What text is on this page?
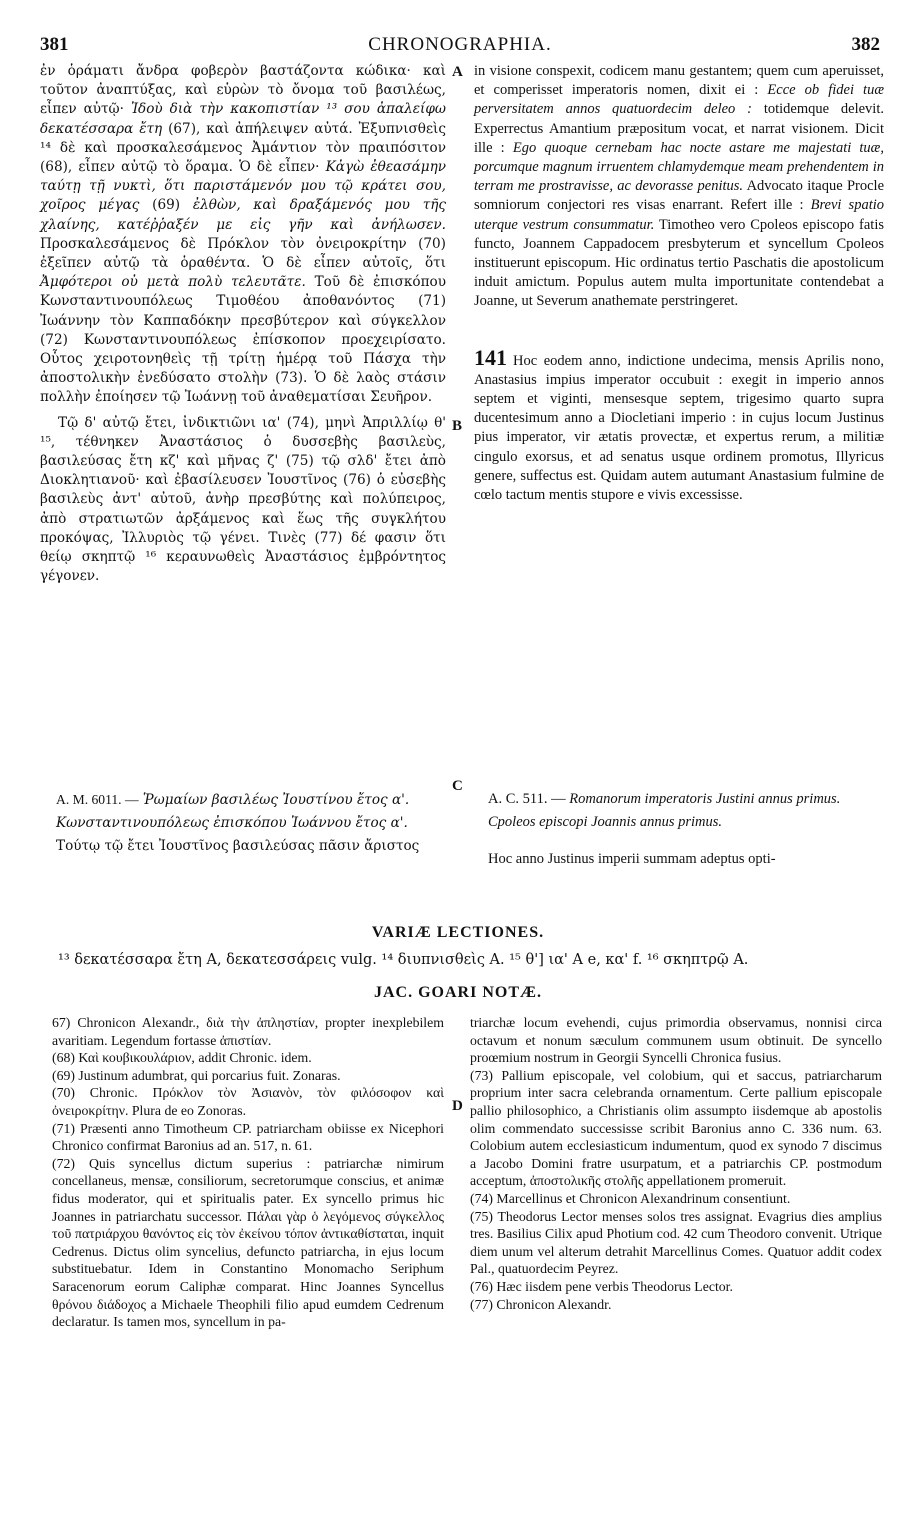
381	CHRONOGRAPHIA.	382

ἐν ὁράματι ἄνδρα φοβερὸν βαστάζοντα κώδικα· καὶ τοῦτον ἀναπτύξας, καὶ εὑρὼν τὸ ὄνομα τοῦ βασιλέως, εἶπεν αὐτῷ· Ἰδοὺ διὰ τὴν κακοπιστίαν ¹³ σου ἀπαλείφω δεκατέσσαρα ἔτη (67), καὶ ἀπήλειψεν αὐτά. Ἐξυπνισθεὶς ¹⁴ δὲ καὶ προσκαλεσάμενος Ἀμάντιον τὸν πραιπόσιτον (68), εἶπεν αὐτῷ τὸ ὅραμα. Ὁ δὲ εἶπεν· Κἀγὼ ἐθεασάμην ταύτῃ τῇ νυκτὶ, ὅτι παριστάμενόν μου τῷ κράτει σου, χοῖρος μέγας (69) ἐλθὼν, καὶ δραξάμενός μου τῆς χλαίνης, κατέῤῥαξέν με εἰς γῆν καὶ ἀνήλωσεν. Προσκαλεσάμενος δὲ Πρόκλον τὸν ὀνειροκρίτην (70) ἐξεῖπεν αὐτῷ τὰ ὁραθέντα. Ὁ δὲ εἶπεν αὐτοῖς, ὅτι Ἀμφότεροι οὐ μετὰ πολὺ τελευτᾶτε. Τοῦ δὲ ἐπισκόπου Κωνσταντινουπόλεως Τιμοθέου ἀποθανόντος (71) Ἰωάννην τὸν Καππαδόκην πρεσβύτερον καὶ σύγκελλον (72) Κωνσταντινουπόλεως ἐπίσκοπον προεχειρίσατο. Οὗτος χειροτονηθεὶς τῇ τρίτῃ ἡμέρᾳ τοῦ Πάσχα τὴν ἀποστολικὴν ἐνεδύσατο στολὴν (73). Ὁ δὲ λαὸς στάσιν πολλὴν ἐποίησεν τῷ Ἰωάννῃ τοῦ ἀναθεματίσαι Σευῆρον.

Τῷ δ' αὐτῷ ἔτει, ἰνδικτιῶνι ια' (74), μηνὶ Ἀπριλλίῳ θ' ¹⁵, τέθνηκεν Ἀναστάσιος ὁ δυσσεβὴς βασιλεὺς, βασιλεύσας ἔτη κζ' καὶ μῆνας ζ' (75) τῷ σλδ' ἔτει ἀπὸ Διοκλητιανοῦ· καὶ ἐβασίλευσεν Ἰουστῖνος (76) ὁ εὐσεβὴς βασιλεὺς ἀντ' αὐτοῦ, ἀνὴρ πρεσβύτης καὶ πολύπειρος, ἀπὸ στρατιωτῶν ἀρξάμενος καὶ ἕως τῆς συγκλήτου προκόψας, Ἰλλυριὸς τῷ γένει. Τινὲς (77) δέ φασιν ὅτι θείῳ σκηπτῷ ¹⁶ κεραυνωθεὶς Ἀναστάσιος ἐμβρόντητος γέγονεν.

A
B
C
D

in visione conspexit, codicem manu gestantem; quem cum aperuisset, et comperisset imperatoris nomen, dixit ei : Ecce ob fidei tuæ perversitatem annos quatuordecim deleo : totidemque delevit. Experrectus Amantium præpositum vocat, et narrat visionem. Dicit ille : Ego quoque cernebam hac nocte astare me majestati tuæ, porcumque magnum irruentem chlamydemque meam prehendentem in terram me prostravisse, ac devorasse penitus. Advocato itaque Procle somniorum conjectori res visas enarrant. Refert ille : Brevi spatio uterque vestrum consummatur. Timotheo vero Cpoleos episcopo fatis functo, Joannem Cappadocem presbyterum et syncellum Cpoleos instituerunt episcopum. Hic ordinatus tertio Paschatis die apostolicum induit amictum. Populus autem multa importunitate contendebat a Joanne, ut Severum anathemate perstringeret.

141 Hoc eodem anno, indictione undecima, mensis Aprilis nono, Anastasius impius imperator occubuit : exegit in imperio annos septem et viginti, mensesque septem, trigesimo quarto supra ducentesimum anno a Diocletiani imperio : in cujus locum Justinus pius imperator, vir ætatis provectæ, et expertus rerum, a militiæ cingulo exorsus, et ad senatus usque ordinem promotus, Illyricus genere, suffectus est. Quidam autem autumant Anastasium fulmine de cœlo tactum mentis stupore e vivis excessisse.

A. M. 6011. — Ῥωμαίων βασιλέως Ἰουστίνου ἔτος α'.

Κωνσταντινουπόλεως ἐπισκόπου Ἰωάννου ἔτος α'.

Τούτῳ τῷ ἔτει Ἰουστῖνος βασιλεύσας πᾶσιν ἄριστος

A. C. 511. — Romanorum imperatoris Justini annus primus.

Cpoleos episcopi Joannis annus primus.

Hoc anno Justinus imperii summam adeptus opti-

VARIÆ LECTIONES.
¹³ δεκατέσσαρα ἔτη A, δεκατεσσάρεις vulg. ¹⁴ διυπνισθεὶς A. ¹⁵ θ'] ια' A e, κα' f. ¹⁶ σκηπτρῷ A.
JAC. GOARI NOTÆ.

67) Chronicon Alexandr., διὰ τὴν ἀπληστίαν, propter inexplebilem avaritiam. Legendum fortasse ἀπιστίαν.

(68) Καὶ κουβικουλάριον, addit Chronic. idem.

(69) Justinum adumbrat, qui porcarius fuit. Zonaras.

(70) Chronic. Πρόκλον τὸν Ἀσιανὸν, τὸν φιλόσοφον καὶ ὀνειροκρίτην. Plura de eo Zonoras.

(71) Præsenti anno Timotheum CP. patriarcham obiisse ex Nicephori Chronico confirmat Baronius ad an. 517, n. 61.

(72) Quis syncellus dictum superius : patriarchæ nimirum concellaneus, mensæ, consiliorum, secretorumque conscius, et animæ fidus moderator, qui et spiritualis pater. Ex syncello primus hic Joannes in patriarchatu successor. Πάλαι γὰρ ὁ λεγόμενος σύγκελλος τοῦ πατριάρχου θανόντος εἰς τὸν ἐκείνου τόπον ἀντικαθίσταται, inquit Cedrenus. Dictus olim syncelius, defuncto patriarcha, in ejus locum substituebatur. Idem in Constantino Monomacho Seriphum Saracenorum eorum Caliphæ comparat. Hinc Joannes Syncellus θρόνου διάδοχος a Michaele Theophili filio apud eumdem Cedrenum declaratur. Is tamen mos, syncellum in pa-

triarchæ locum evehendi, cujus primordia observamus, nonnisi circa octavum et nonum sæculum communem usum obtinuit. De syncello proœmium nostrum in Georgii Syncelli Chronica fusius.

(73) Pallium episcopale, vel colobium, qui et saccus, patriarcharum proprium inter sacra celebranda ornamentum. Certe pallium episcopale pallio philosophico, a Christianis olim assumpto iisdemque ab apostolis olim commendato successisse scribit Baronius anno C. 336 num. 63. Colobium autem ecclesiasticum indumentum, quod ex synodo 7 discimus a Jacobo Domini fratre usurpatum, et a patriarchis CP. postmodum acceptum, ἀποστολικῆς στολῆς appellationem promeruit.

(74) Marcellinus et Chronicon Alexandrinum consentiunt.

(75) Theodorus Lector menses solos tres assignat. Evagrius dies amplius tres. Basilius Cilix apud Photium cod. 42 cum Theodoro convenit. Utrique diem unum vel alterum detrahit Marcellinus Comes. Quatuor addit codex Pal., quatuordecim Peyrez.

(76) Hæc iisdem pene verbis Theodorus Lector.

(77) Chronicon Alexandr.
